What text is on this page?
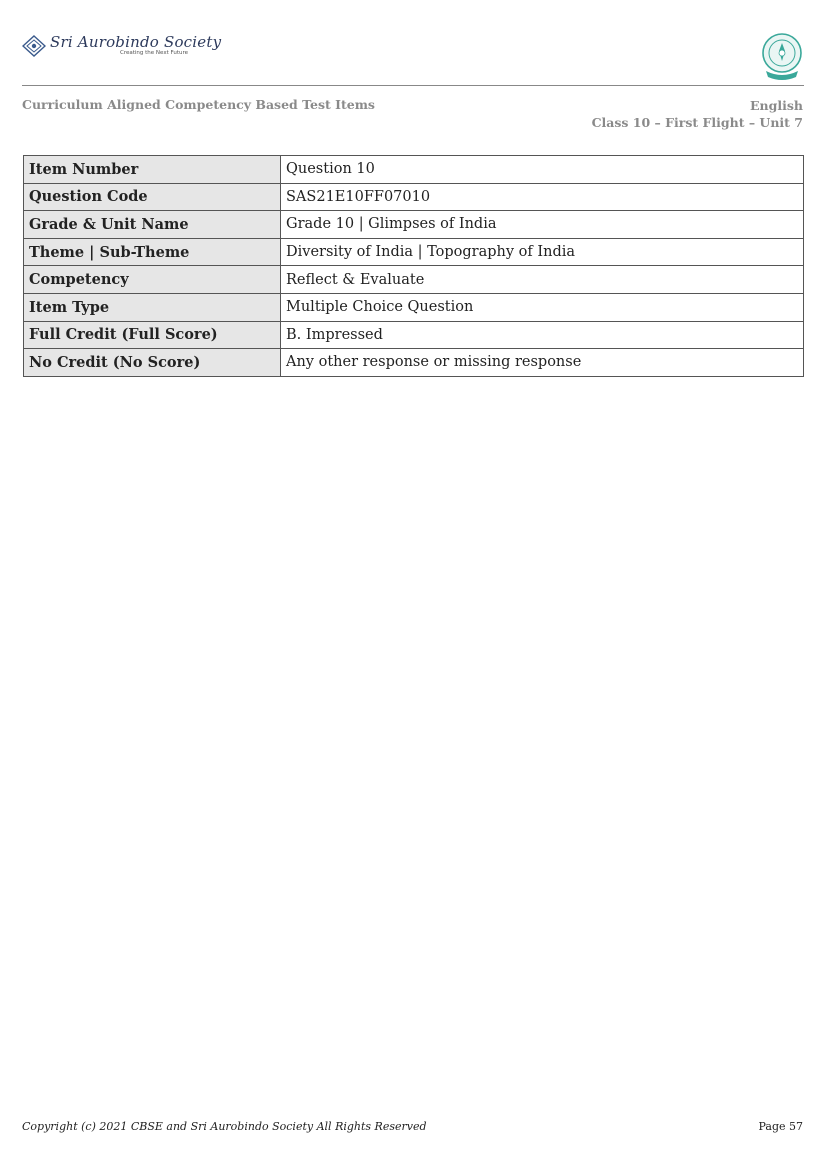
Sri Aurobindo Society
Creating the Next Future
Curriculum Aligned Competency Based Test Items	English
Class 10 – First Flight – Unit 7
Item Number	Question 10
Question Code	SAS21E10FF07010
Grade & Unit Name	Grade 10 | Glimpses of India
Theme | Sub-Theme	Diversity of India | Topography of India
Competency	Reflect & Evaluate
Item Type	Multiple Choice Question
Full Credit (Full Score)	B. Impressed
No Credit (No Score)	Any other response or missing response
Copyright (c) 2021 CBSE and Sri Aurobindo Society All Rights Reserved	Page 57
